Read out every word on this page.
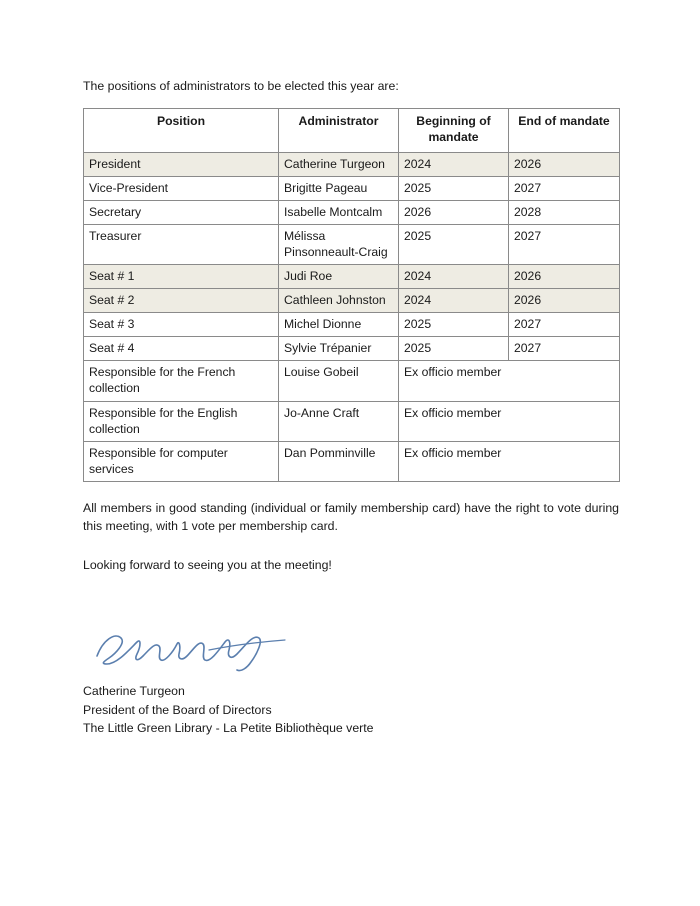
The positions of administrators to be elected this year are:

Position	Administrator	Beginning of mandate	End of mandate
President	Catherine Turgeon	2024	2026
Vice-President	Brigitte Pageau	2025	2027
Secretary	Isabelle Montcalm	2026	2028
Treasurer	Mélissa Pinsonneault-Craig	2025	2027
Seat # 1	Judi Roe	2024	2026
Seat # 2	Cathleen Johnston	2024	2026
Seat # 3	Michel Dionne	2025	2027
Seat # 4	Sylvie Trépanier	2025	2027
Responsible for the French collection	Louise Gobeil	Ex officio member	
Responsible for the English collection	Jo-Anne Craft	Ex officio member	
Responsible for computer services	Dan Pomminville	Ex officio member	

All members in good standing (individual or family membership card) have the right to vote during this meeting, with 1 vote per membership card.

Looking forward to seeing you at the meeting!

Catherine Turgeon
President of the Board of Directors
The Little Green Library - La Petite Bibliothèque verte
